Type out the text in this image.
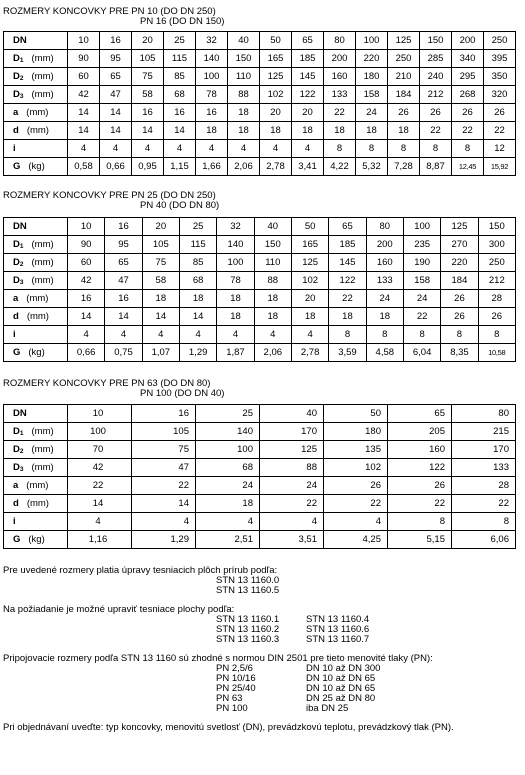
ROZMERY KONCOVKY PRE PN 10 (DO DN 250)
PN 16 (DO DN 150)
DN	10	16	20	25	32	40	50	65	80	100	125	150	200	250
$D_1$ (mm)	90	95	105	115	140	150	165	185	200	220	250	285	340	395
$D_2$ (mm)	60	65	75	85	100	110	125	145	160	180	210	240	295	350
$D_3$ (mm)	42	47	58	68	78	88	102	122	133	158	184	212	268	320
a (mm)	14	14	16	16	16	18	20	20	22	24	26	26	26	26
d (mm)	14	14	14	14	18	18	18	18	18	18	18	22	22	22
i	4	4	4	4	4	4	4	4	8	8	8	8	8	12
G (kg)	0,58	0,66	0,95	1,15	1,66	2,06	2,78	3,41	4,22	5,32	7,28	8,87	12,45	15,92
ROZMERY KONCOVKY PRE PN 25 (DO DN 250)
PN 40 (DO DN 80)
DN	10	16	20	25	32	40	50	65	80	100	125	150
$D_1$ (mm)	90	95	105	115	140	150	165	185	200	235	270	300
$D_2$ (mm)	60	65	75	85	100	110	125	145	160	190	220	250
$D_3$ (mm)	42	47	58	68	78	88	102	122	133	158	184	212
a (mm)	16	16	18	18	18	18	20	22	24	24	26	28
d (mm)	14	14	14	14	18	18	18	18	18	22	26	26
i	4	4	4	4	4	4	4	8	8	8	8	8
G (kg)	0,66	0,75	1,07	1,29	1,87	2,06	2,78	3,59	4,58	6,04	8,35	10,58
ROZMERY KONCOVKY PRE PN 63 (DO DN 80)
PN 100 (DO DN 40)
DN	10	16	25	40	50	65	80
$D_1$ (mm)	100	105	140	170	180	205	215
$D_2$ (mm)	70	75	100	125	135	160	170
$D_3$ (mm)	42	47	68	88	102	122	133
a (mm)	22	22	24	24	26	26	28
d (mm)	14	14	18	22	22	22	22
i	4	4	4	4	4	8	8
G (kg)	1,16	1,29	2,51	3,51	4,25	5,15	6,06

Pre uvedené rozmery platia úpravy tesniacich plôch prírub podľa:

STN 13 1160.0

STN 13 1160.5

Na požiadanie je možné upraviť tesniace plochy podľa:

STN 13 1160.1	STN 13 1160.4
STN 13 1160.2	STN 13 1160.6
STN 13 1160.3	STN 13 1160.7

Pripojovacie rozmery podľa STN 13 1160 sú zhodné s normou DIN 2501 pre tieto menovité tlaky (PN):

PN 2,5/6	DN 10 až DN 300
PN 10/16	DN 10 až DN 65
PN 25/40	DN 10 až DN 65
PN 63	DN 25 až DN 80
PN 100	iba DN 25

Pri objednávaní uveďte: typ koncovky, menovitú svetlosť (DN), prevádzkovú teplotu, prevádzkový tlak (PN).
